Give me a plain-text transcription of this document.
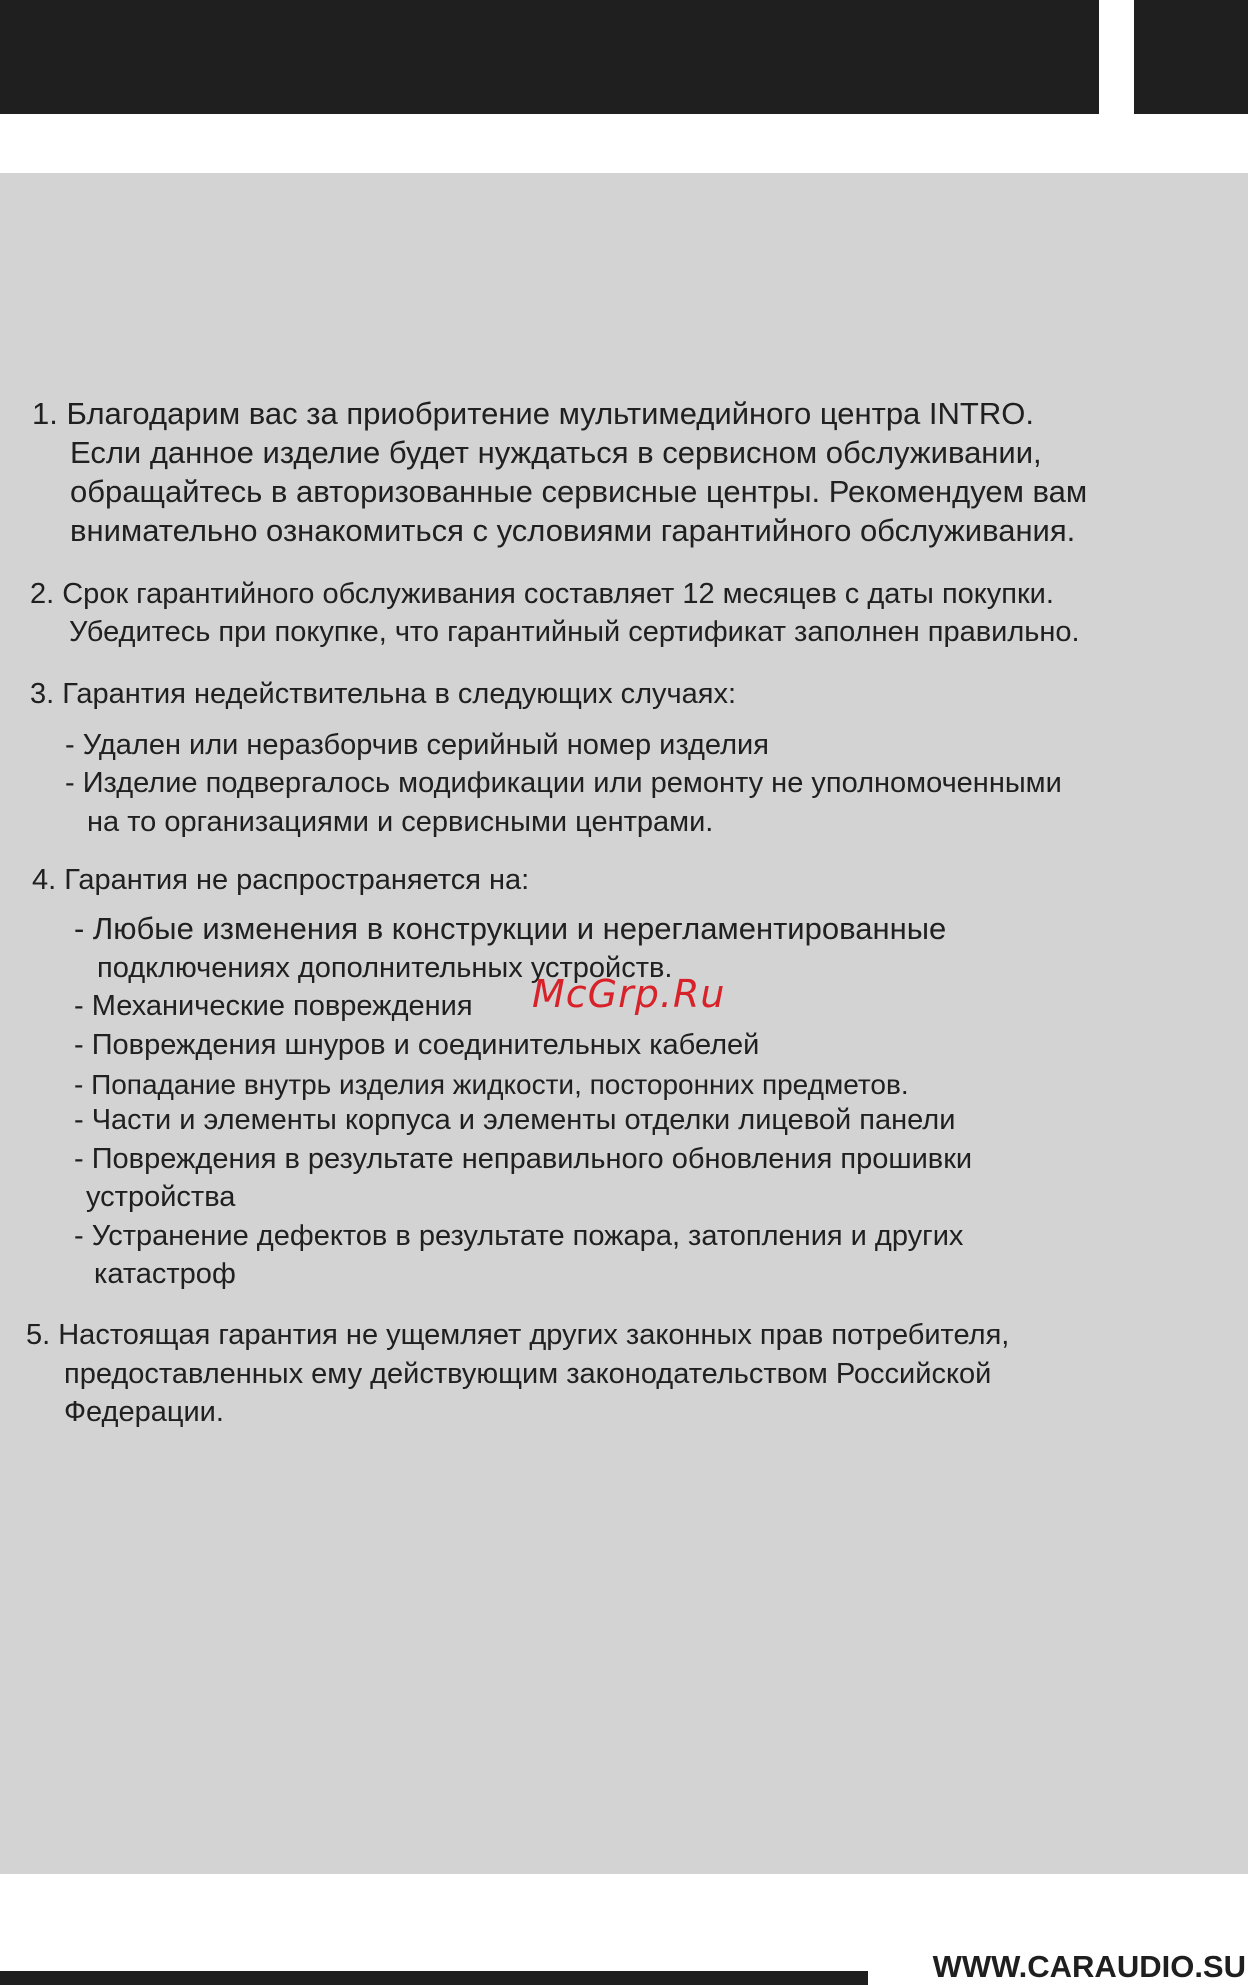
1. Благодарим вас за приобритение мультимедийного центра INTRO.
Если данное изделие будет нуждаться в сервисном обслуживании,
обращайтесь в авторизованные сервисные центры. Рекомендуем вам
внимательно ознакомиться с условиями гарантийного обслуживания.
2. Срок гарантийного обслуживания составляет 12 месяцев с даты покупки.
Убедитесь при покупке, что гарантийный сертификат заполнен правильно.
3. Гарантия недействительна в следующих случаях:
- Удален или неразборчив серийный номер изделия
- Изделие подвергалось модификации или ремонту не уполномоченными
на то организациями и сервисными центрами.
4. Гарантия не распространяется на:
- Любые изменения в конструкции и нерегламентированные
подключениях дополнительных устройств.
- Механические повреждения
- Повреждения шнуров и соединительных кабелей
- Попадание внутрь изделия жидкости, посторонних предметов.
- Части и элементы корпуса и элементы отделки лицевой панели
- Повреждения в результате неправильного обновления прошивки
устройства
- Устранение дефектов в результате пожара, затопления и других
катастроф
5. Настоящая гарантия не ущемляет других законных прав потребителя,
предоставленных ему действующим законодательством Российской
Федерации.
McGrp.Ru
WWW.CARAUDIO.SU
